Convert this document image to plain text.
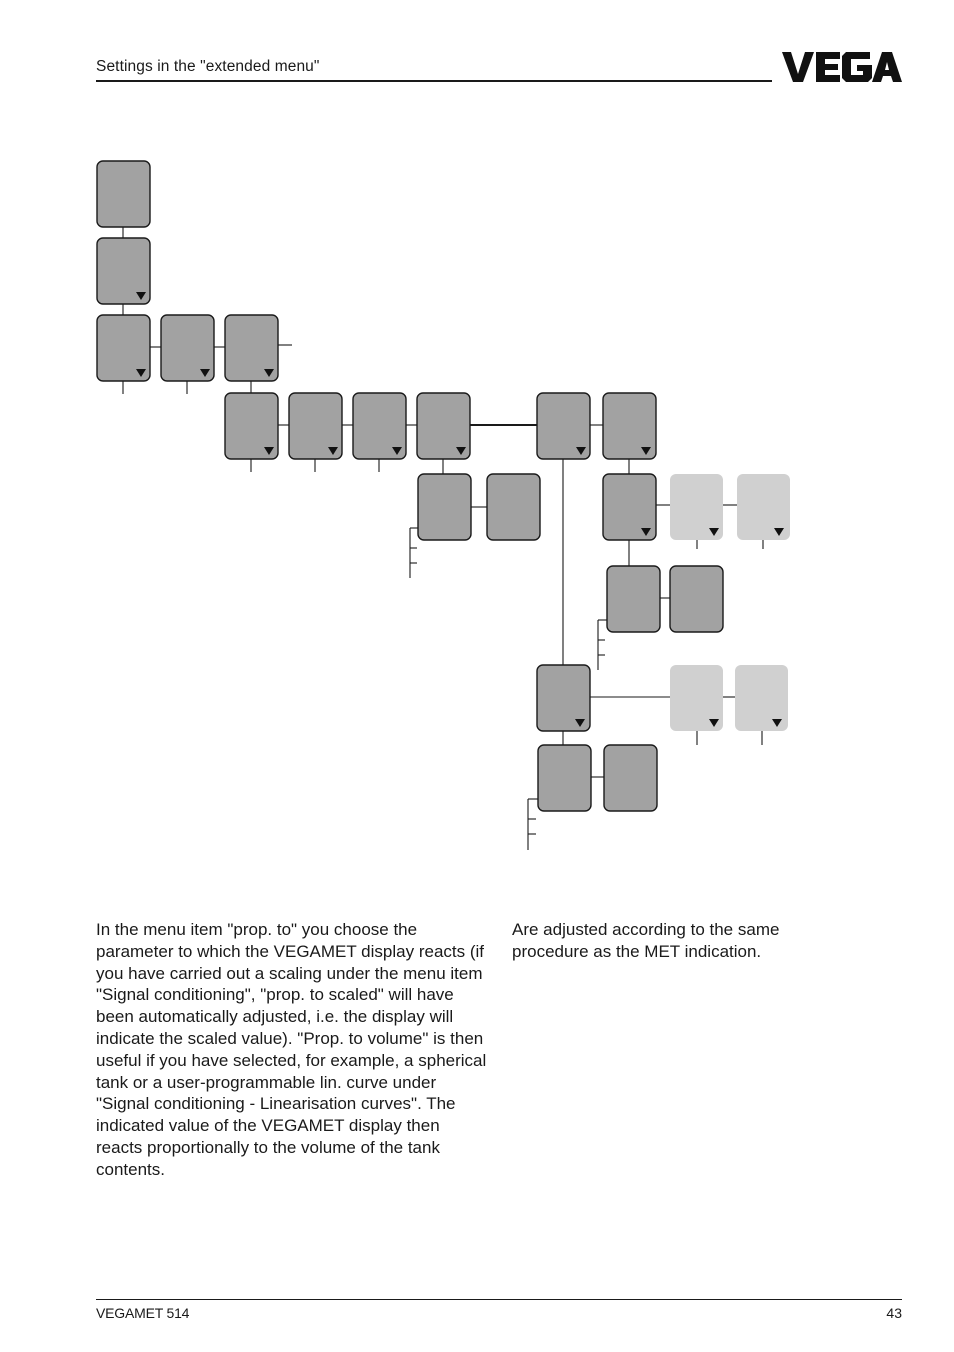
Settings in the "extended menu"

In the menu item "prop. to" you choose the parameter to which the VEGAMET display reacts (if you have carried out a scaling under the menu item "Signal conditioning", "prop. to scaled" will have been automatically adjusted, i.e. the display will indicate the scaled value). "Prop. to volume" is then useful if you have selected, for example, a spherical tank or a user-programmable lin. curve under "Signal conditioning - Linearisation curves". The indicated value of the VEGAMET display then reacts proportionally to the volume of the tank contents.

Are adjusted according to the same procedure as the MET indication.

VEGAMET 514	43
